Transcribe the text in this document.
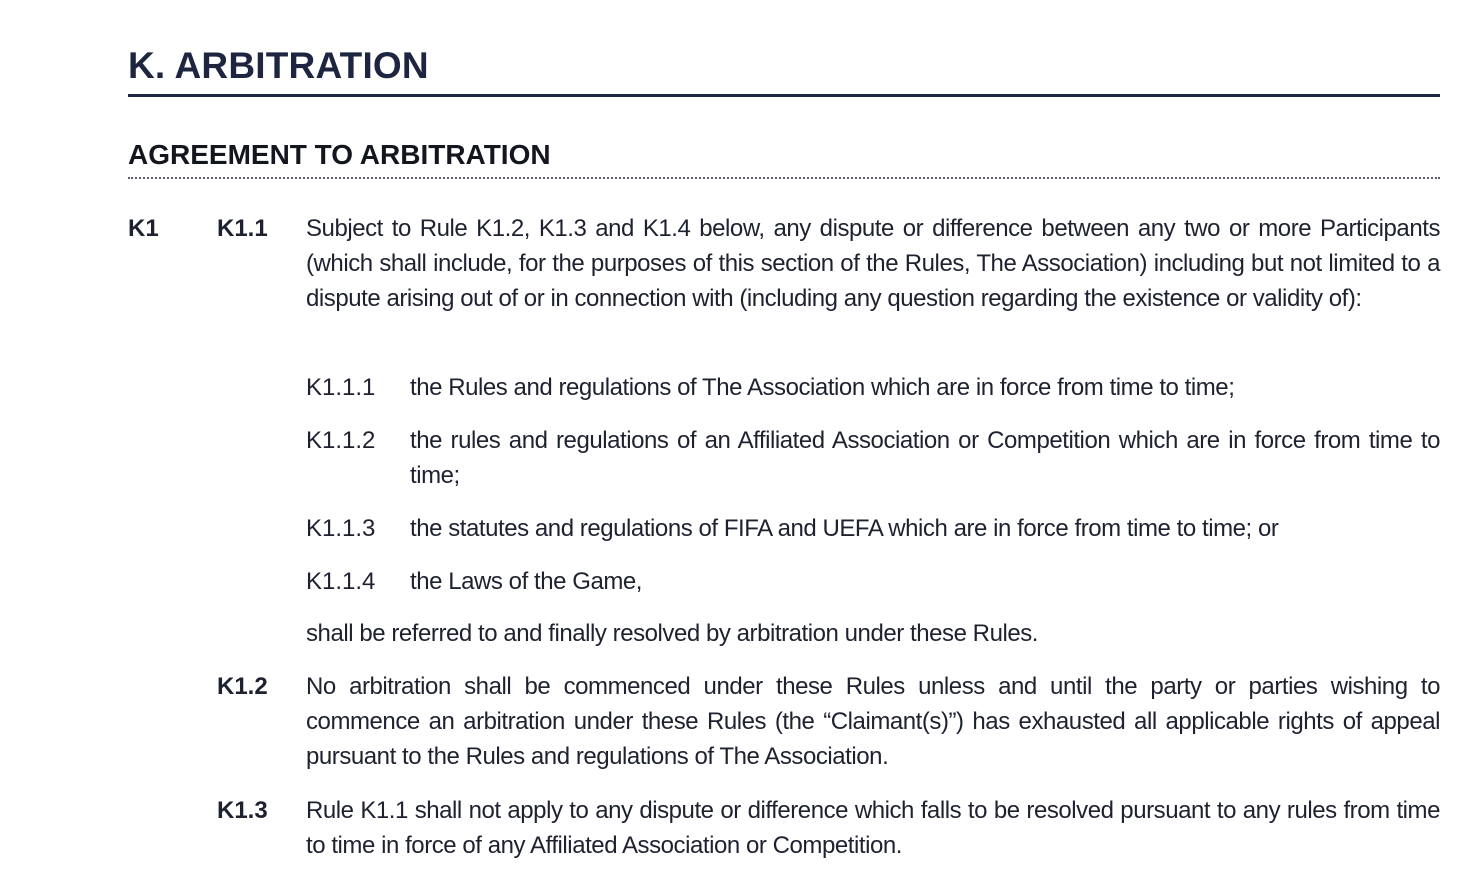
K. ARBITRATION
AGREEMENT TO ARBITRATION
K1 K1.1 Subject to Rule K1.2, K1.3 and K1.4 below, any dispute or difference between any two or more Participants (which shall include, for the purposes of this section of the Rules, The Association) including but not limited to a dispute arising out of or in connection with (including any question regarding the existence or validity of):

K1.1.1 the Rules and regulations of The Association which are in force from time to time;

K1.1.2 the rules and regulations of an Affiliated Association or Competition which are in force from time to time;

K1.1.3 the statutes and regulations of FIFA and UEFA which are in force from time to time; or

K1.1.4 the Laws of the Game,

shall be referred to and finally resolved by arbitration under these Rules.

K1.2 No arbitration shall be commenced under these Rules unless and until the party or parties wishing to commence an arbitration under these Rules (the “Claimant(s)”) has exhausted all applicable rights of appeal pursuant to the Rules and regulations of The Association.

K1.3 Rule K1.1 shall not apply to any dispute or difference which falls to be resolved pursuant to any rules from time to time in force of any Affiliated Association or Competition.
